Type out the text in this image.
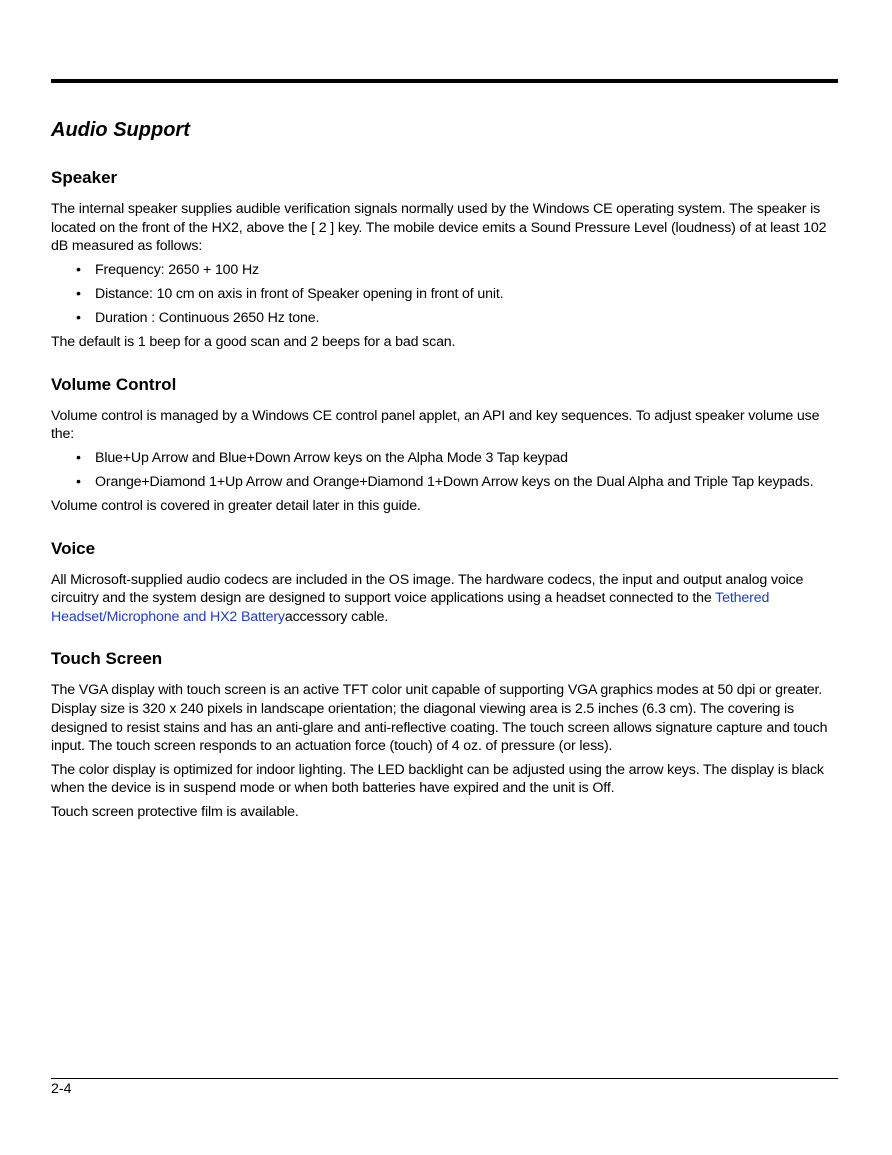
Audio Support
Speaker

The internal speaker supplies audible verification signals normally used by the Windows CE operating system. The speaker is located on the front of the HX2, above the [ 2 ] key. The mobile device emits a Sound Pressure Level (loudness) of at least 102 dB measured as follows:

• Frequency: 2650 + 100 Hz
• Distance: 10 cm on axis in front of Speaker opening in front of unit.
• Duration : Continuous 2650 Hz tone.

The default is 1 beep for a good scan and 2 beeps for a bad scan.

Volume Control

Volume control is managed by a Windows CE control panel applet, an API and key sequences. To adjust speaker volume use the:

• Blue+Up Arrow and Blue+Down Arrow keys on the Alpha Mode 3 Tap keypad
• Orange+Diamond 1+Up Arrow and Orange+Diamond 1+Down Arrow keys on the Dual Alpha and Triple Tap keypads.

Volume control is covered in greater detail later in this guide.

Voice

All Microsoft-supplied audio codecs are included in the OS image. The hardware codecs, the input and output analog voice circuitry and the system design are designed to support voice applications using a headset connected to the Tethered Headset/Microphone and HX2 Batteryaccessory cable.

Touch Screen

The VGA display with touch screen is an active TFT color unit capable of supporting VGA graphics modes at 50 dpi or greater. Display size is 320 x 240 pixels in landscape orientation; the diagonal viewing area is 2.5 inches (6.3 cm). The covering is designed to resist stains and has an anti-glare and anti-reflective coating. The touch screen allows signature capture and touch input. The touch screen responds to an actuation force (touch) of 4 oz. of pressure (or less).

The color display is optimized for indoor lighting. The LED backlight can be adjusted using the arrow keys. The display is black when the device is in suspend mode or when both batteries have expired and the unit is Off.

Touch screen protective film is available.

2-4
